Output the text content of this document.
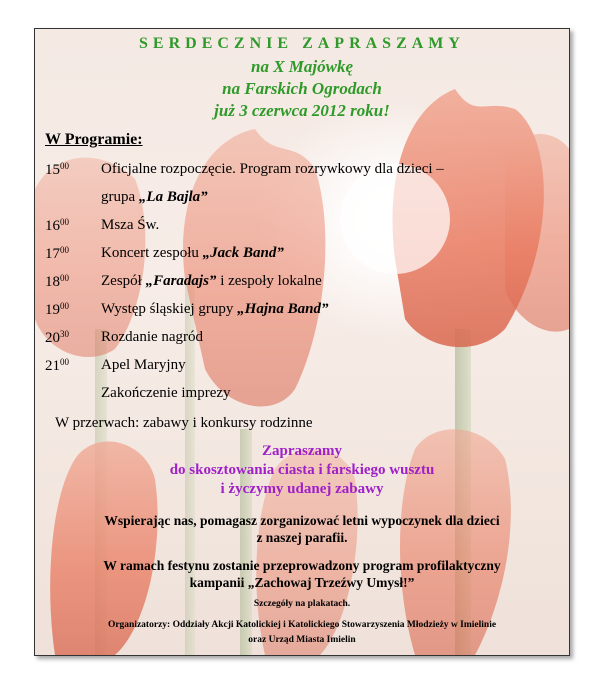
SERDECZNIE ZAPRASZAMY
na X Majówkę
na Farskich Ogrodach
już 3 czerwca 2012 roku!
W Programie:
$15^{00}$	Oficjalne rozpoczęcie. Program rozrywkowy dla dzieci –
grupa „La Bajla”
$16^{00}$	Msza Św.
$17^{00}$	Koncert zespołu „Jack Band”
$18^{00}$	Zespół „Faradajs” i zespoły lokalne
$19^{00}$	Występ śląskiej grupy „Hajna Band”
$20^{30}$	Rozdanie nagród
$21^{00}$	Apel Maryjny
Zakończenie imprezy
W przerwach: zabawy i konkursy rodzinne
Zapraszamy
do skosztowania ciasta i farskiego wusztu
i życzymy udanej zabawy
Wspierając nas, pomagasz zorganizować letni wypoczynek dla dzieci
z naszej parafii.
W ramach festynu zostanie przeprowadzony program profilaktyczny
kampanii „Zachowaj Trzeźwy Umysł!”
Szczegóły na plakatach.
Organizatorzy: Oddziały Akcji Katolickiej i Katolickiego Stowarzyszenia Młodzieży w Imielinie
oraz Urząd Miasta Imielin
